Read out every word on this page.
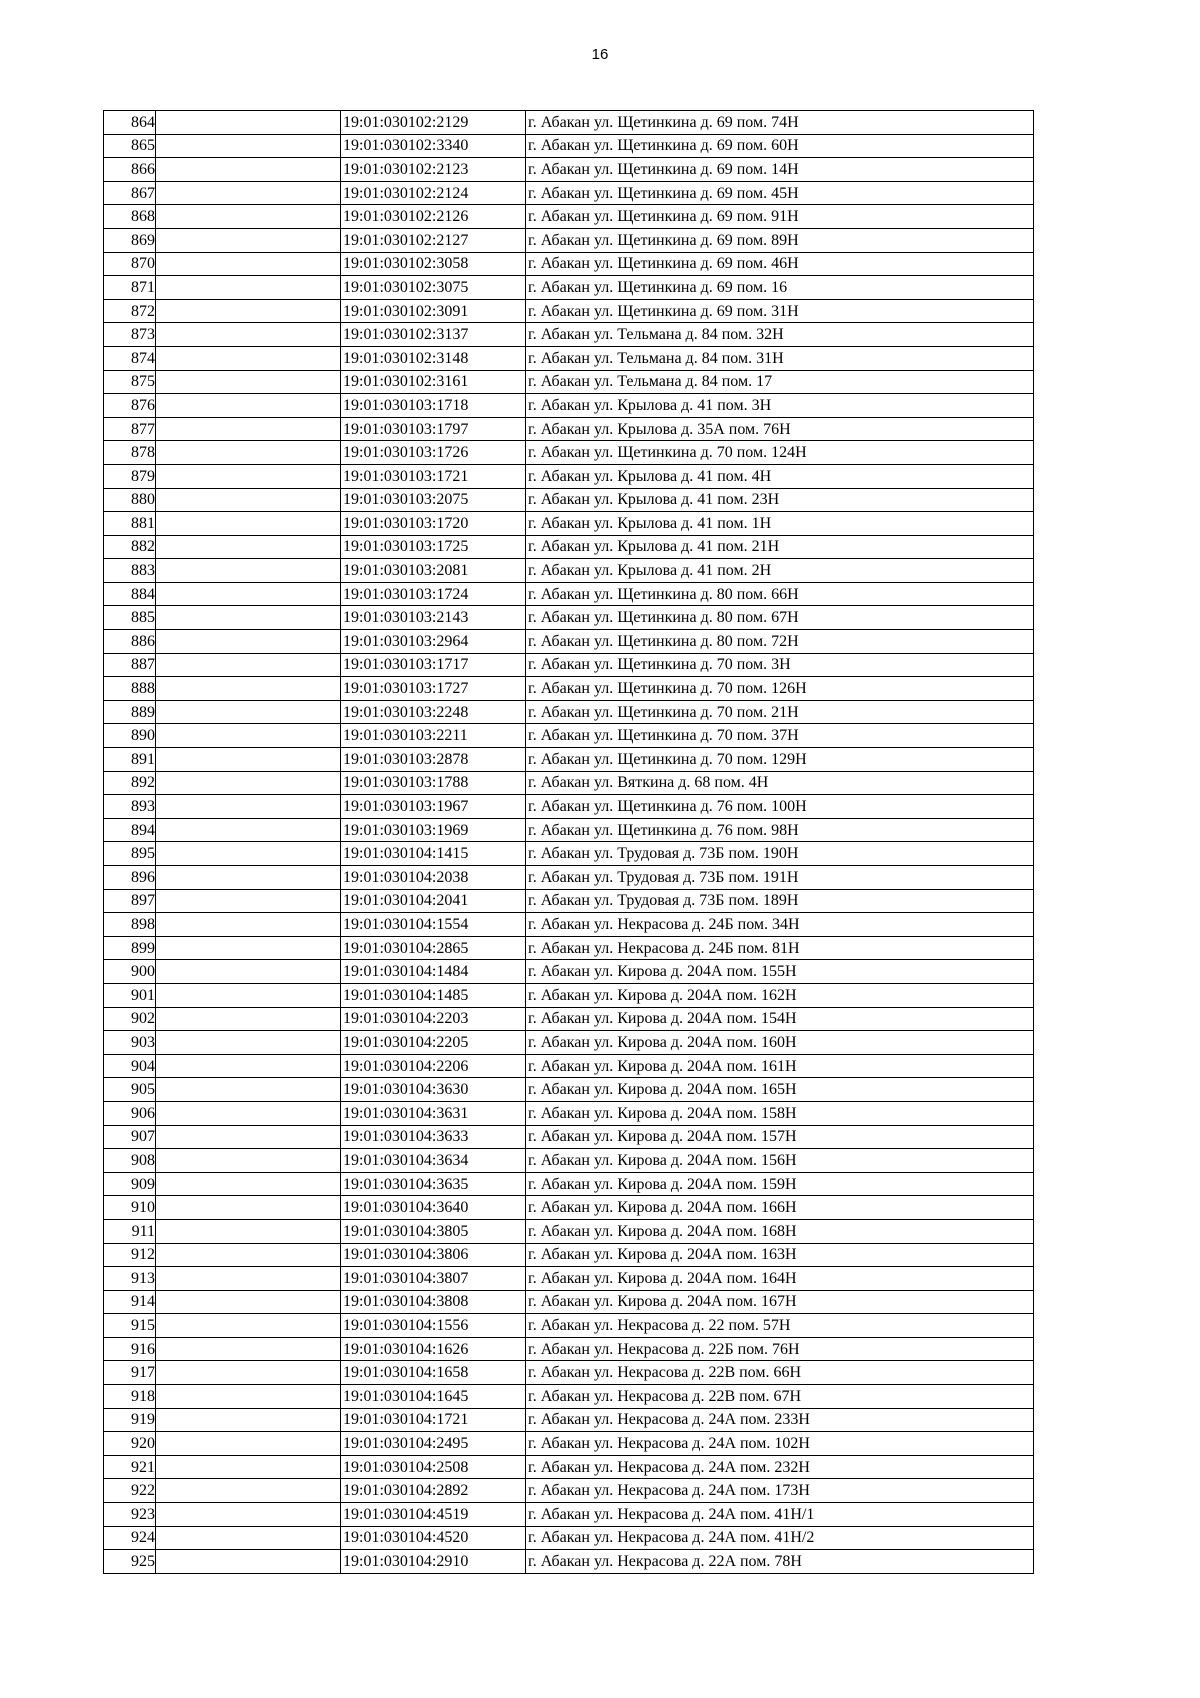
16
864		19:01:030102:2129	г. Абакан ул. Щетинкина д. 69 пом. 74Н
865		19:01:030102:3340	г. Абакан ул. Щетинкина д. 69 пом. 60Н
866		19:01:030102:2123	г. Абакан ул. Щетинкина д. 69 пом. 14Н
867		19:01:030102:2124	г. Абакан ул. Щетинкина д. 69 пом. 45Н
868		19:01:030102:2126	г. Абакан ул. Щетинкина д. 69 пом. 91Н
869		19:01:030102:2127	г. Абакан ул. Щетинкина д. 69 пом. 89Н
870		19:01:030102:3058	г. Абакан ул. Щетинкина д. 69 пом. 46Н
871		19:01:030102:3075	г. Абакан ул. Щетинкина д. 69 пом. 16
872		19:01:030102:3091	г. Абакан ул. Щетинкина д. 69 пом. 31Н
873		19:01:030102:3137	г. Абакан ул. Тельмана д. 84 пом. 32Н
874		19:01:030102:3148	г. Абакан ул. Тельмана д. 84 пом. 31Н
875		19:01:030102:3161	г. Абакан ул. Тельмана д. 84 пом. 17
876		19:01:030103:1718	г. Абакан ул. Крылова д. 41 пом. 3Н
877		19:01:030103:1797	г. Абакан ул. Крылова д. 35А пом. 76Н
878		19:01:030103:1726	г. Абакан ул. Щетинкина д. 70 пом. 124Н
879		19:01:030103:1721	г. Абакан ул. Крылова д. 41 пом. 4Н
880		19:01:030103:2075	г. Абакан ул. Крылова д. 41 пом. 23Н
881		19:01:030103:1720	г. Абакан ул. Крылова д. 41 пом. 1Н
882		19:01:030103:1725	г. Абакан ул. Крылова д. 41 пом. 21Н
883		19:01:030103:2081	г. Абакан ул. Крылова д. 41 пом. 2Н
884		19:01:030103:1724	г. Абакан ул. Щетинкина д. 80 пом. 66Н
885		19:01:030103:2143	г. Абакан ул. Щетинкина д. 80 пом. 67Н
886		19:01:030103:2964	г. Абакан ул. Щетинкина д. 80 пом. 72Н
887		19:01:030103:1717	г. Абакан ул. Щетинкина д. 70 пом. 3Н
888		19:01:030103:1727	г. Абакан ул. Щетинкина д. 70 пом. 126Н
889		19:01:030103:2248	г. Абакан ул. Щетинкина д. 70 пом. 21Н
890		19:01:030103:2211	г. Абакан ул. Щетинкина д. 70 пом. 37Н
891		19:01:030103:2878	г. Абакан ул. Щетинкина д. 70 пом. 129Н
892		19:01:030103:1788	г. Абакан ул. Вяткина д. 68 пом. 4Н
893		19:01:030103:1967	г. Абакан ул. Щетинкина д. 76 пом. 100Н
894		19:01:030103:1969	г. Абакан ул. Щетинкина д. 76 пом. 98Н
895		19:01:030104:1415	г. Абакан ул. Трудовая д. 73Б пом. 190Н
896		19:01:030104:2038	г. Абакан ул. Трудовая д. 73Б пом. 191Н
897		19:01:030104:2041	г. Абакан ул. Трудовая д. 73Б пом. 189Н
898		19:01:030104:1554	г. Абакан ул. Некрасова д. 24Б пом. 34Н
899		19:01:030104:2865	г. Абакан ул. Некрасова д. 24Б пом. 81Н
900		19:01:030104:1484	г. Абакан ул. Кирова д. 204А пом. 155Н
901		19:01:030104:1485	г. Абакан ул. Кирова д. 204А пом. 162Н
902		19:01:030104:2203	г. Абакан ул. Кирова д. 204А пом. 154Н
903		19:01:030104:2205	г. Абакан ул. Кирова д. 204А пом. 160Н
904		19:01:030104:2206	г. Абакан ул. Кирова д. 204А пом. 161Н
905		19:01:030104:3630	г. Абакан ул. Кирова д. 204А пом. 165Н
906		19:01:030104:3631	г. Абакан ул. Кирова д. 204А пом. 158Н
907		19:01:030104:3633	г. Абакан ул. Кирова д. 204А пом. 157Н
908		19:01:030104:3634	г. Абакан ул. Кирова д. 204А пом. 156Н
909		19:01:030104:3635	г. Абакан ул. Кирова д. 204А пом. 159Н
910		19:01:030104:3640	г. Абакан ул. Кирова д. 204А пом. 166Н
911		19:01:030104:3805	г. Абакан ул. Кирова д. 204А пом. 168Н
912		19:01:030104:3806	г. Абакан ул. Кирова д. 204А пом. 163Н
913		19:01:030104:3807	г. Абакан ул. Кирова д. 204А пом. 164Н
914		19:01:030104:3808	г. Абакан ул. Кирова д. 204А пом. 167Н
915		19:01:030104:1556	г. Абакан ул. Некрасова д. 22 пом. 57Н
916		19:01:030104:1626	г. Абакан ул. Некрасова д. 22Б пом. 76Н
917		19:01:030104:1658	г. Абакан ул. Некрасова д. 22В пом. 66Н
918		19:01:030104:1645	г. Абакан ул. Некрасова д. 22В пом. 67Н
919		19:01:030104:1721	г. Абакан ул. Некрасова д. 24А пом. 233Н
920		19:01:030104:2495	г. Абакан ул. Некрасова д. 24А пом. 102Н
921		19:01:030104:2508	г. Абакан ул. Некрасова д. 24А пом. 232Н
922		19:01:030104:2892	г. Абакан ул. Некрасова д. 24А пом. 173Н
923		19:01:030104:4519	г. Абакан ул. Некрасова д. 24А пом. 41Н/1
924		19:01:030104:4520	г. Абакан ул. Некрасова д. 24А пом. 41Н/2
925		19:01:030104:2910	г. Абакан ул. Некрасова д. 22А пом. 78Н
